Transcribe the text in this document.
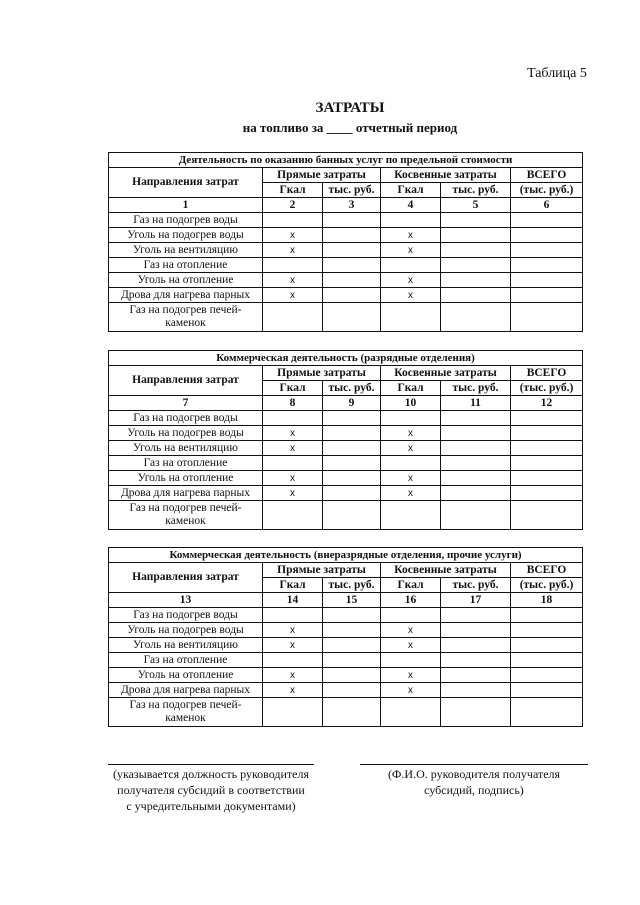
Таблица 5
ЗАТРАТЫ
на топливо за ____ отчетный период
Деятельность по оказанию банных услуг по предельной стоимости					
Направления затрат	Прямые затраты		Косвенные затраты		ВСЕГО
	Гкал	тыс. руб.	Гкал	тыс. руб.	(тыс. руб.)
1	2	3	4	5	6
Газ на подогрев воды					
Уголь на подогрев воды	х		х		
Уголь на вентиляцию	х		х		
Газ на отопление					
Уголь на отопление	х		х		
Дрова для нагрева парных	х		х		
Газ на подогрев печей-
каменок					
Коммерческая деятельность (разрядные отделения)					
Направления затрат	Прямые затраты		Косвенные затраты		ВСЕГО
	Гкал	тыс. руб.	Гкал	тыс. руб.	(тыс. руб.)
7	8	9	10	11	12
Газ на подогрев воды					
Уголь на подогрев воды	х		х		
Уголь на вентиляцию	х		х		
Газ на отопление					
Уголь на отопление	х		х		
Дрова для нагрева парных	х		х		
Газ на подогрев печей-
каменок					
Коммерческая деятельность (внеразрядные отделения, прочие услуги)					
Направления затрат	Прямые затраты		Косвенные затраты		ВСЕГО
	Гкал	тыс. руб.	Гкал	тыс. руб.	(тыс. руб.)
13	14	15	16	17	18
Газ на подогрев воды					
Уголь на подогрев воды	х		х		
Уголь на вентиляцию	х		х		
Газ на отопление					
Уголь на отопление	х		х		
Дрова для нагрева парных	х		х		
Газ на подогрев печей-
каменок					
(указывается должность руководителя
получателя субсидий в соответствии
с учредительными документами)
(Ф.И.О. руководителя получателя
субсидий, подпись)
